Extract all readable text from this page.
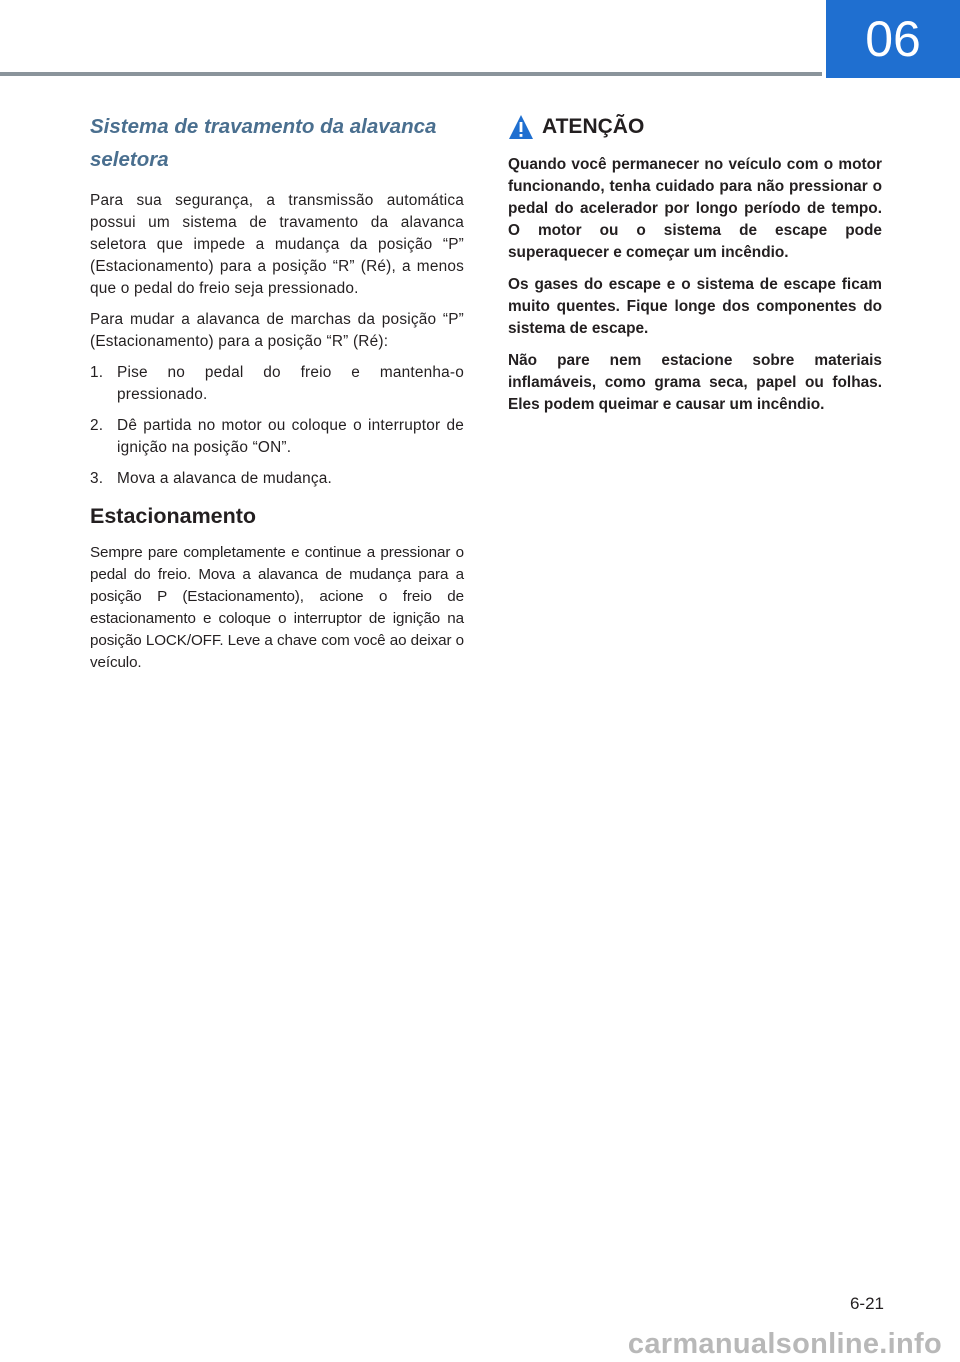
06
Sistema de travamento da alavanca seletora

Para sua segurança, a transmissão automática possui um sistema de travamento da alavanca seletora que impede a mudança da posição “P” (Estacionamento) para a posição “R” (Ré), a menos que o pedal do freio seja pressionado.

Para mudar a alavanca de marchas da posição “P” (Estacionamento) para a posição “R” (Ré):

1. Pise no pedal do freio e mantenha-o pressionado.
2. Dê partida no motor ou coloque o interruptor de ignição na posição “ON”.
3. Mova a alavanca de mudança.
Estacionamento

Sempre pare completamente e continue a pressionar o pedal do freio. Mova a alavanca de mudança para a posição P (Estacionamento), acione o freio de estacionamento e coloque o interruptor de ignição na posição LOCK/OFF. Leve a chave com você ao deixar o veículo.

ATENÇÃO

Quando você permanecer no veículo com o motor funcionando, tenha cuidado para não pressionar o pedal do acelerador por longo período de tempo. O motor ou o sistema de escape pode superaquecer e começar um incêndio.

Os gases do escape e o sistema de escape ficam muito quentes. Fique longe dos componentes do sistema de escape.

Não pare nem estacione sobre materiais inflamáveis, como grama seca, papel ou folhas. Eles podem queimar e causar um incêndio.

6-21
carmanualsonline.info
